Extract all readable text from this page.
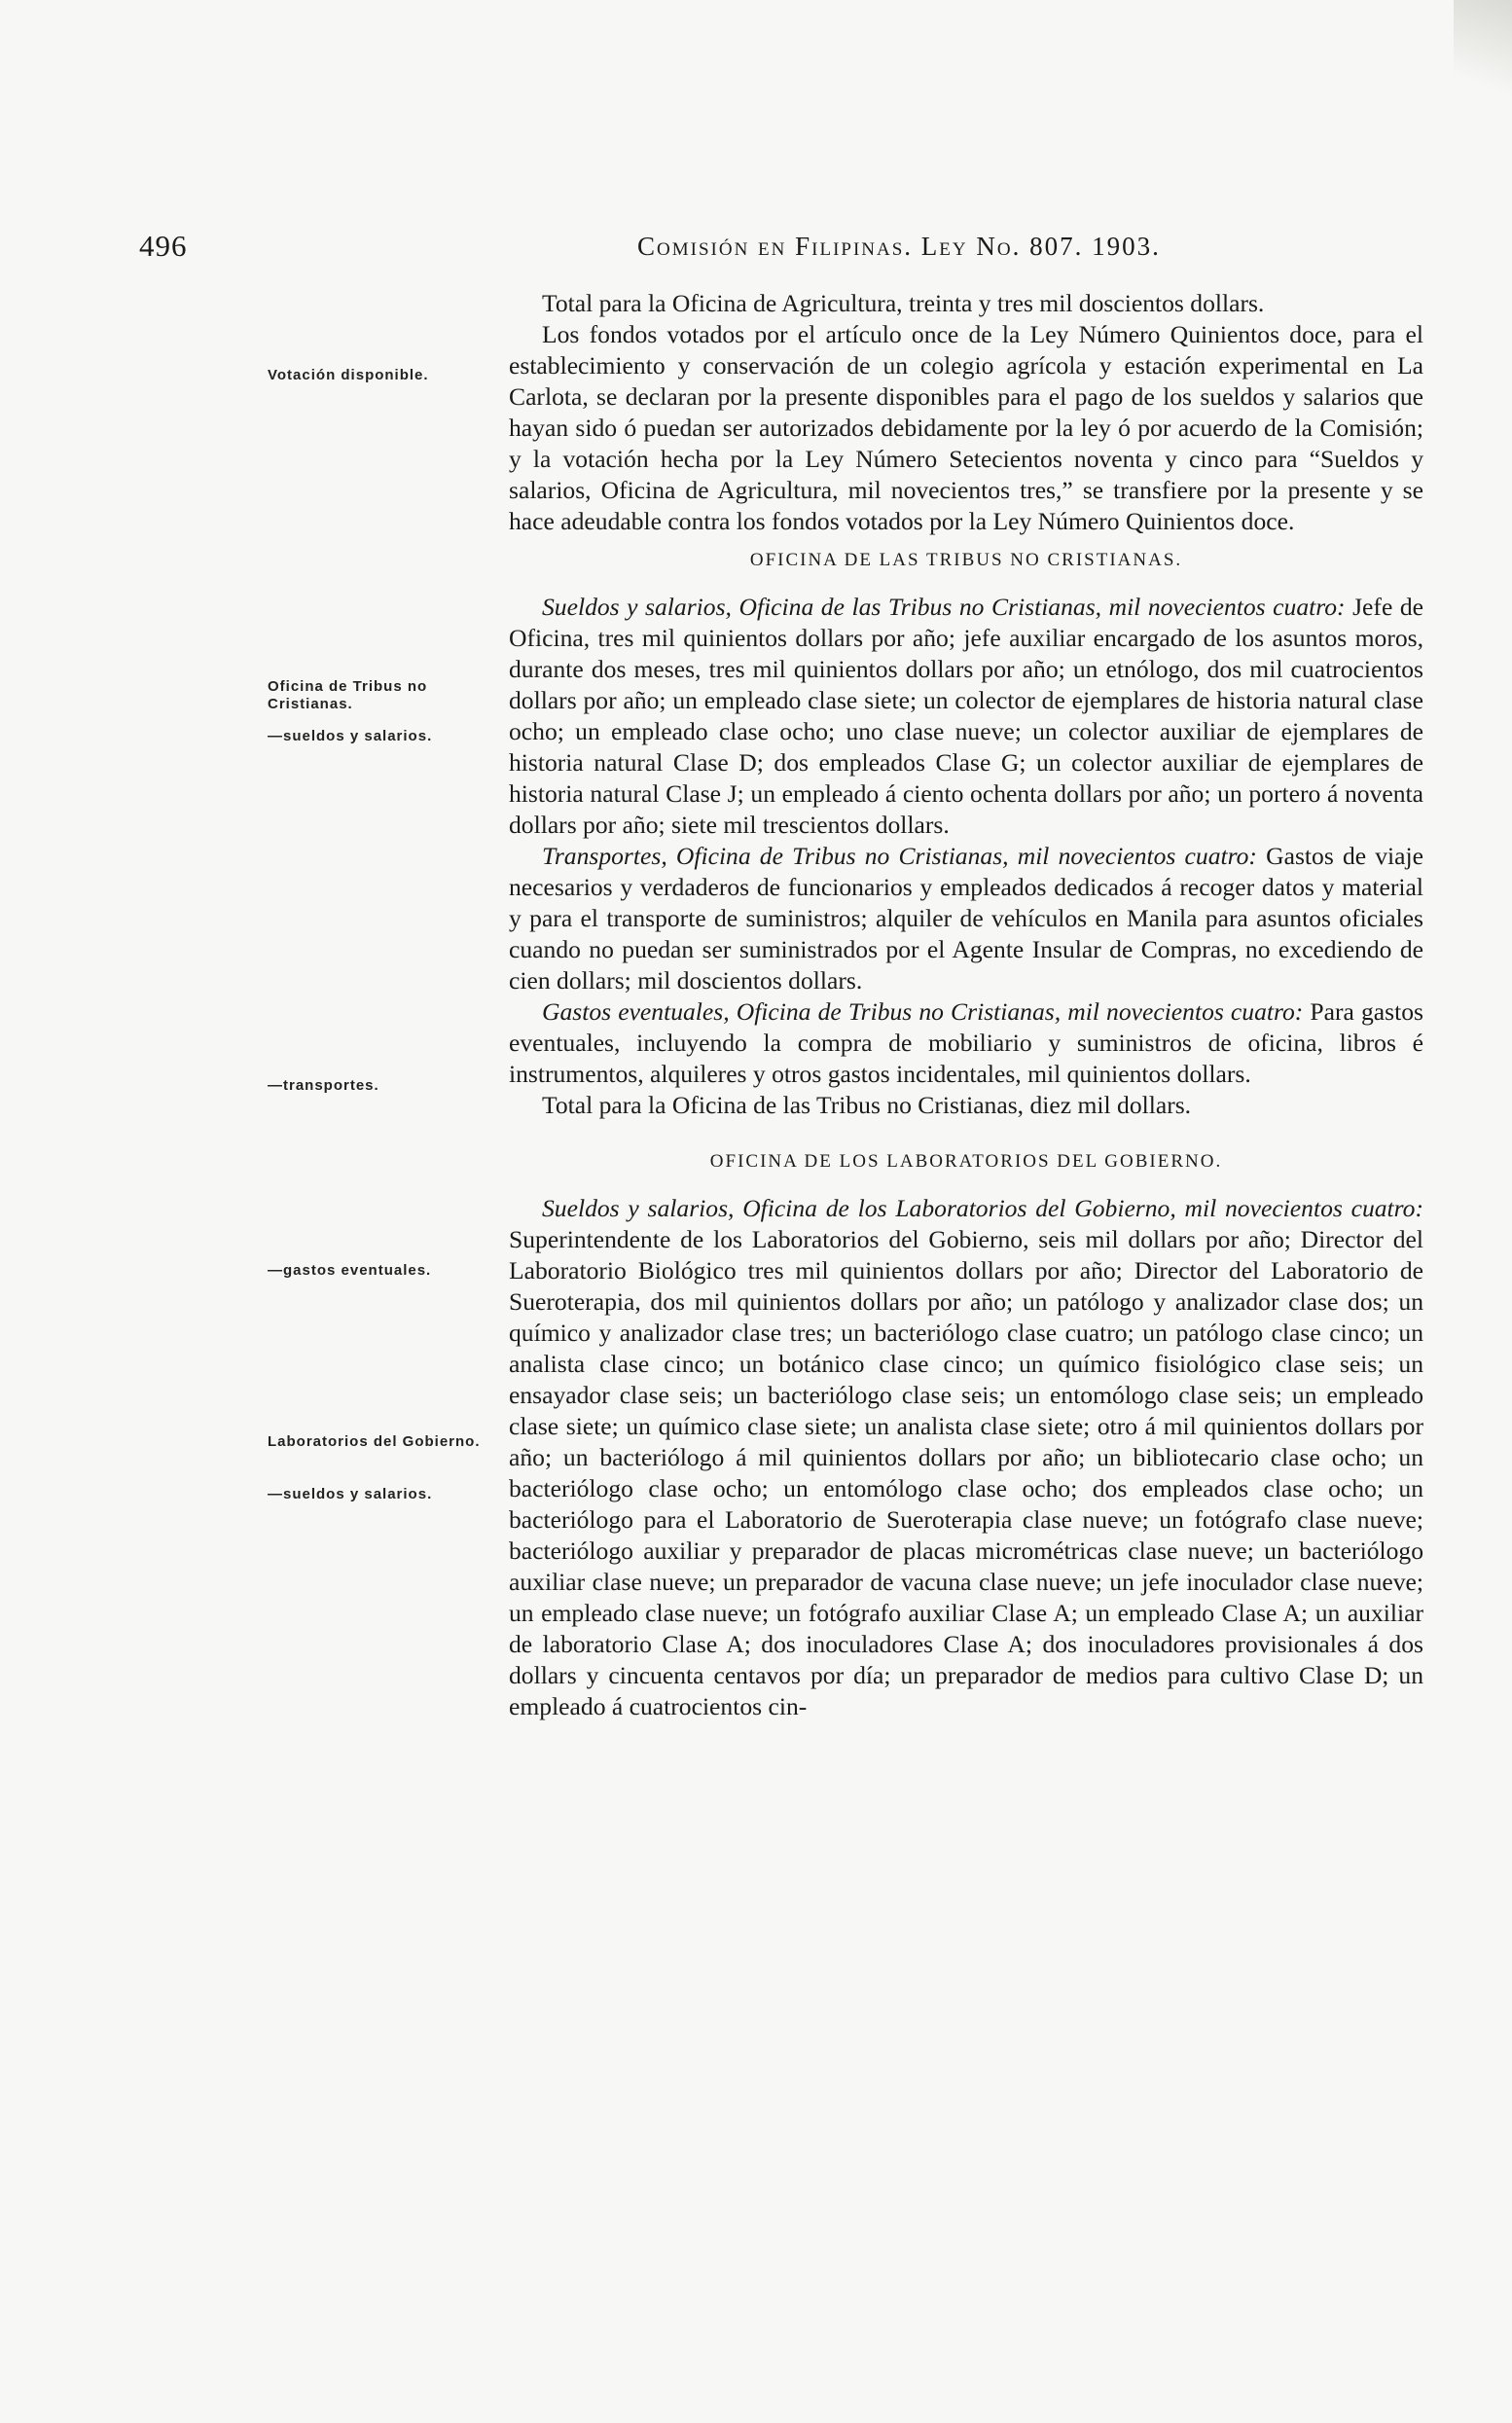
496	Comisión en Filipinas. Ley No. 807. 1903.
Votación disponible.
Oficina de Tribus no Cristianas.
—sueldos y salarios.
—transportes.
—gastos eventuales.
Laboratorios del Gobierno.
—sueldos y salarios.

Total para la Oficina de Agricultura, treinta y tres mil doscientos dollars.

Los fondos votados por el artículo once de la Ley Número Quinientos doce, para el establecimiento y conservación de un colegio agrícola y estación experimental en La Carlota, se declaran por la presente disponibles para el pago de los sueldos y salarios que hayan sido ó puedan ser autorizados debidamente por la ley ó por acuerdo de la Comisión; y la votación hecha por la Ley Número Setecientos noventa y cinco para “Sueldos y salarios, Oficina de Agricultura, mil novecientos tres,” se transfiere por la presente y se hace adeudable contra los fondos votados por la Ley Número Quinientos doce.

OFICINA DE LAS TRIBUS NO CRISTIANAS.

Sueldos y salarios, Oficina de las Tribus no Cristianas, mil novecientos cuatro: Jefe de Oficina, tres mil quinientos dollars por año; jefe auxiliar encargado de los asuntos moros, durante dos meses, tres mil quinientos dollars por año; un etnólogo, dos mil cuatrocientos dollars por año; un empleado clase siete; un colector de ejemplares de historia natural clase ocho; un empleado clase ocho; uno clase nueve; un colector auxiliar de ejemplares de historia natural Clase D; dos empleados Clase G; un colector auxiliar de ejemplares de historia natural Clase J; un empleado á ciento ochenta dollars por año; un portero á noventa dollars por año; siete mil trescientos dollars.

Transportes, Oficina de Tribus no Cristianas, mil novecientos cuatro: Gastos de viaje necesarios y verdaderos de funcionarios y empleados dedicados á recoger datos y material y para el transporte de suministros; alquiler de vehículos en Manila para asuntos oficiales cuando no puedan ser suministrados por el Agente Insular de Compras, no excediendo de cien dollars; mil doscientos dollars.

Gastos eventuales, Oficina de Tribus no Cristianas, mil novecientos cuatro: Para gastos eventuales, incluyendo la compra de mobiliario y suministros de oficina, libros é instrumentos, alquileres y otros gastos incidentales, mil quinientos dollars.

Total para la Oficina de las Tribus no Cristianas, diez mil dollars.

OFICINA DE LOS LABORATORIOS DEL GOBIERNO.

Sueldos y salarios, Oficina de los Laboratorios del Gobierno, mil novecientos cuatro: Superintendente de los Laboratorios del Gobierno, seis mil dollars por año; Director del Laboratorio Biológico tres mil quinientos dollars por año; Director del Laboratorio de Sueroterapia, dos mil quinientos dollars por año; un patólogo y analizador clase dos; un químico y analizador clase tres; un bacteriólogo clase cuatro; un patólogo clase cinco; un analista clase cinco; un botánico clase cinco; un químico fisiológico clase seis; un ensayador clase seis; un bacteriólogo clase seis; un entomólogo clase seis; un empleado clase siete; un químico clase siete; un analista clase siete; otro á mil quinientos dollars por año; un bacteriólogo á mil quinientos dollars por año; un bibliotecario clase ocho; un bacteriólogo clase ocho; un entomólogo clase ocho; dos empleados clase ocho; un bacteriólogo para el Laboratorio de Sueroterapia clase nueve; un fotógrafo clase nueve; bacteriólogo auxiliar y preparador de placas micrométricas clase nueve; un bacteriólogo auxiliar clase nueve; un preparador de vacuna clase nueve; un jefe inoculador clase nueve; un empleado clase nueve; un fotógrafo auxiliar Clase A; un empleado Clase A; un auxiliar de laboratorio Clase A; dos inoculadores Clase A; dos inoculadores provisionales á dos dollars y cincuenta centavos por día; un preparador de medios para cultivo Clase D; un empleado á cuatrocientos cin-
